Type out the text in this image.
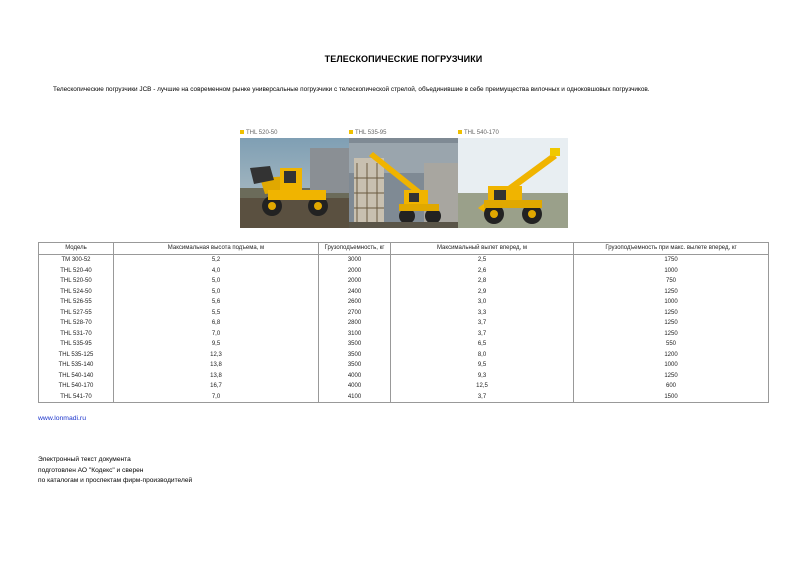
ТЕЛЕСКОПИЧЕСКИЕ ПОГРУЗЧИКИ
Телескопические погрузчики JCB - лучшие на современном рынке универсальные погрузчики с телескопической стрелой, объединившие в себе преимущества вилочных и одноковшовых погрузчиков.
THL 520-50	THL 535-95	THL 540-170
Модель	Максимальная высота подъема, м	Грузоподъемность, кг	Максимальный вылет вперед, м	Грузоподъемность при макс. вылете вперед, кг
ТМ 300-52	5,2	3000	2,5	1750
THL 520-40	4,0	2000	2,6	1000
THL 520-50	5,0	2000	2,8	750
THL 524-50	5,0	2400	2,9	1250
THL 526-55	5,6	2600	3,0	1000
THL 527-55	5,5	2700	3,3	1250
THL 528-70	6,8	2800	3,7	1250
THL 531-70	7,0	3100	3,7	1250
THL 535-95	9,5	3500	6,5	550
THL 535-125	12,3	3500	8,0	1200
THL 535-140	13,8	3500	9,5	1000
THL 540-140	13,8	4000	9,3	1250
THL 540-170	16,7	4000	12,5	600
THL 541-70	7,0	4100	3,7	1500
www.lonmadi.ru
Электронный текст документа
подготовлен АО "Кодекс" и сверен
по каталогам и проспектам фирм-производителей
